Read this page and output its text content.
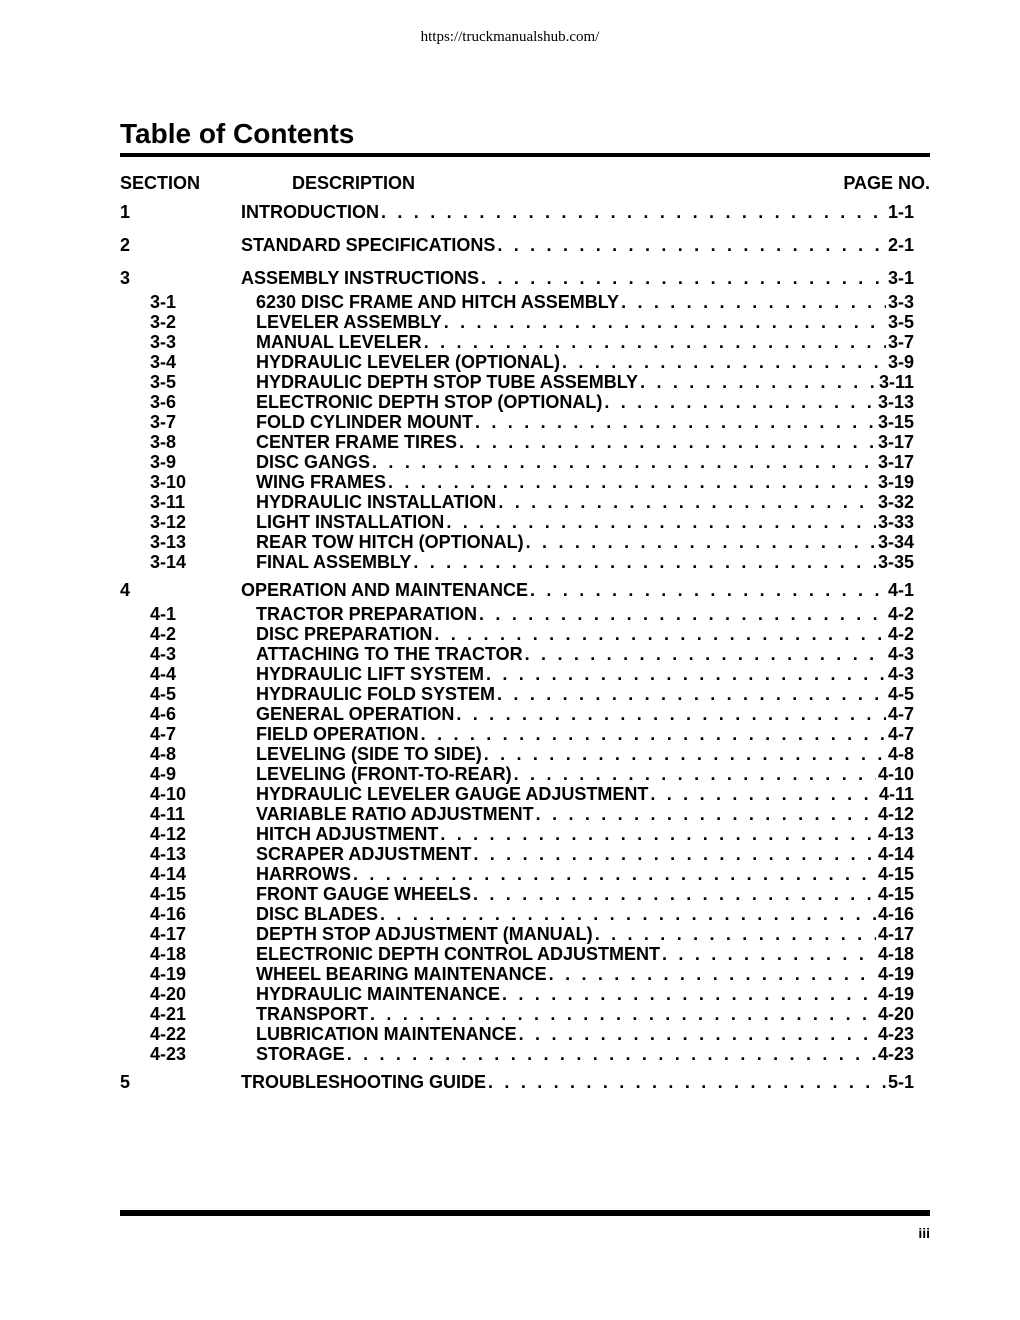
https://truckmanualshub.com/
Table of Contents
SECTION	DESCRIPTION	PAGE NO.
1	INTRODUCTION . . .	1-1
2	STANDARD SPECIFICATIONS . . .	2-1
3	ASSEMBLY INSTRUCTIONS . . .	3-1
3-1	6230 DISC FRAME AND HITCH ASSEMBLY . . .	3-3
3-2	LEVELER ASSEMBLY . . .	3-5
3-3	MANUAL LEVELER . . .	3-7
3-4	HYDRAULIC LEVELER (OPTIONAL) . . .	3-9
3-5	HYDRAULIC DEPTH STOP TUBE ASSEMBLY . . .	3-11
3-6	ELECTRONIC DEPTH STOP (OPTIONAL) . . .	3-13
3-7	FOLD CYLINDER MOUNT . . .	3-15
3-8	CENTER FRAME TIRES . . .	3-17
3-9	DISC GANGS . . .	3-17
3-10	WING FRAMES . . .	3-19
3-11	HYDRAULIC INSTALLATION . . .	3-32
3-12	LIGHT INSTALLATION . . .	3-33
3-13	REAR TOW HITCH (OPTIONAL) . . .	3-34
3-14	FINAL ASSEMBLY . . .	3-35
4	OPERATION AND MAINTENANCE . . .	4-1
4-1	TRACTOR PREPARATION . . .	4-2
4-2	DISC PREPARATION . . .	4-2
4-3	ATTACHING TO THE TRACTOR . . .	4-3
4-4	HYDRAULIC LIFT SYSTEM . . .	4-3
4-5	HYDRAULIC FOLD SYSTEM . . .	4-5
4-6	GENERAL OPERATION . . .	4-7
4-7	FIELD OPERATION . . .	4-7
4-8	LEVELING (SIDE TO SIDE) . . .	4-8
4-9	LEVELING (FRONT-TO-REAR) . . .	4-10
4-10	HYDRAULIC LEVELER GAUGE ADJUSTMENT . . .	4-11
4-11	VARIABLE RATIO ADJUSTMENT . . .	4-12
4-12	HITCH ADJUSTMENT . . .	4-13
4-13	SCRAPER ADJUSTMENT . . .	4-14
4-14	HARROWS . . .	4-15
4-15	FRONT GAUGE WHEELS . . .	4-15
4-16	DISC BLADES . . .	4-16
4-17	DEPTH STOP ADJUSTMENT (MANUAL) . . .	4-17
4-18	ELECTRONIC DEPTH CONTROL ADJUSTMENT . . .	4-18
4-19	WHEEL BEARING MAINTENANCE . . .	4-19
4-20	HYDRAULIC MAINTENANCE . . .	4-19
4-21	TRANSPORT . . .	4-20
4-22	LUBRICATION MAINTENANCE . . .	4-23
4-23	STORAGE . . .	4-23
5	TROUBLESHOOTING GUIDE . . .	5-1
iii
